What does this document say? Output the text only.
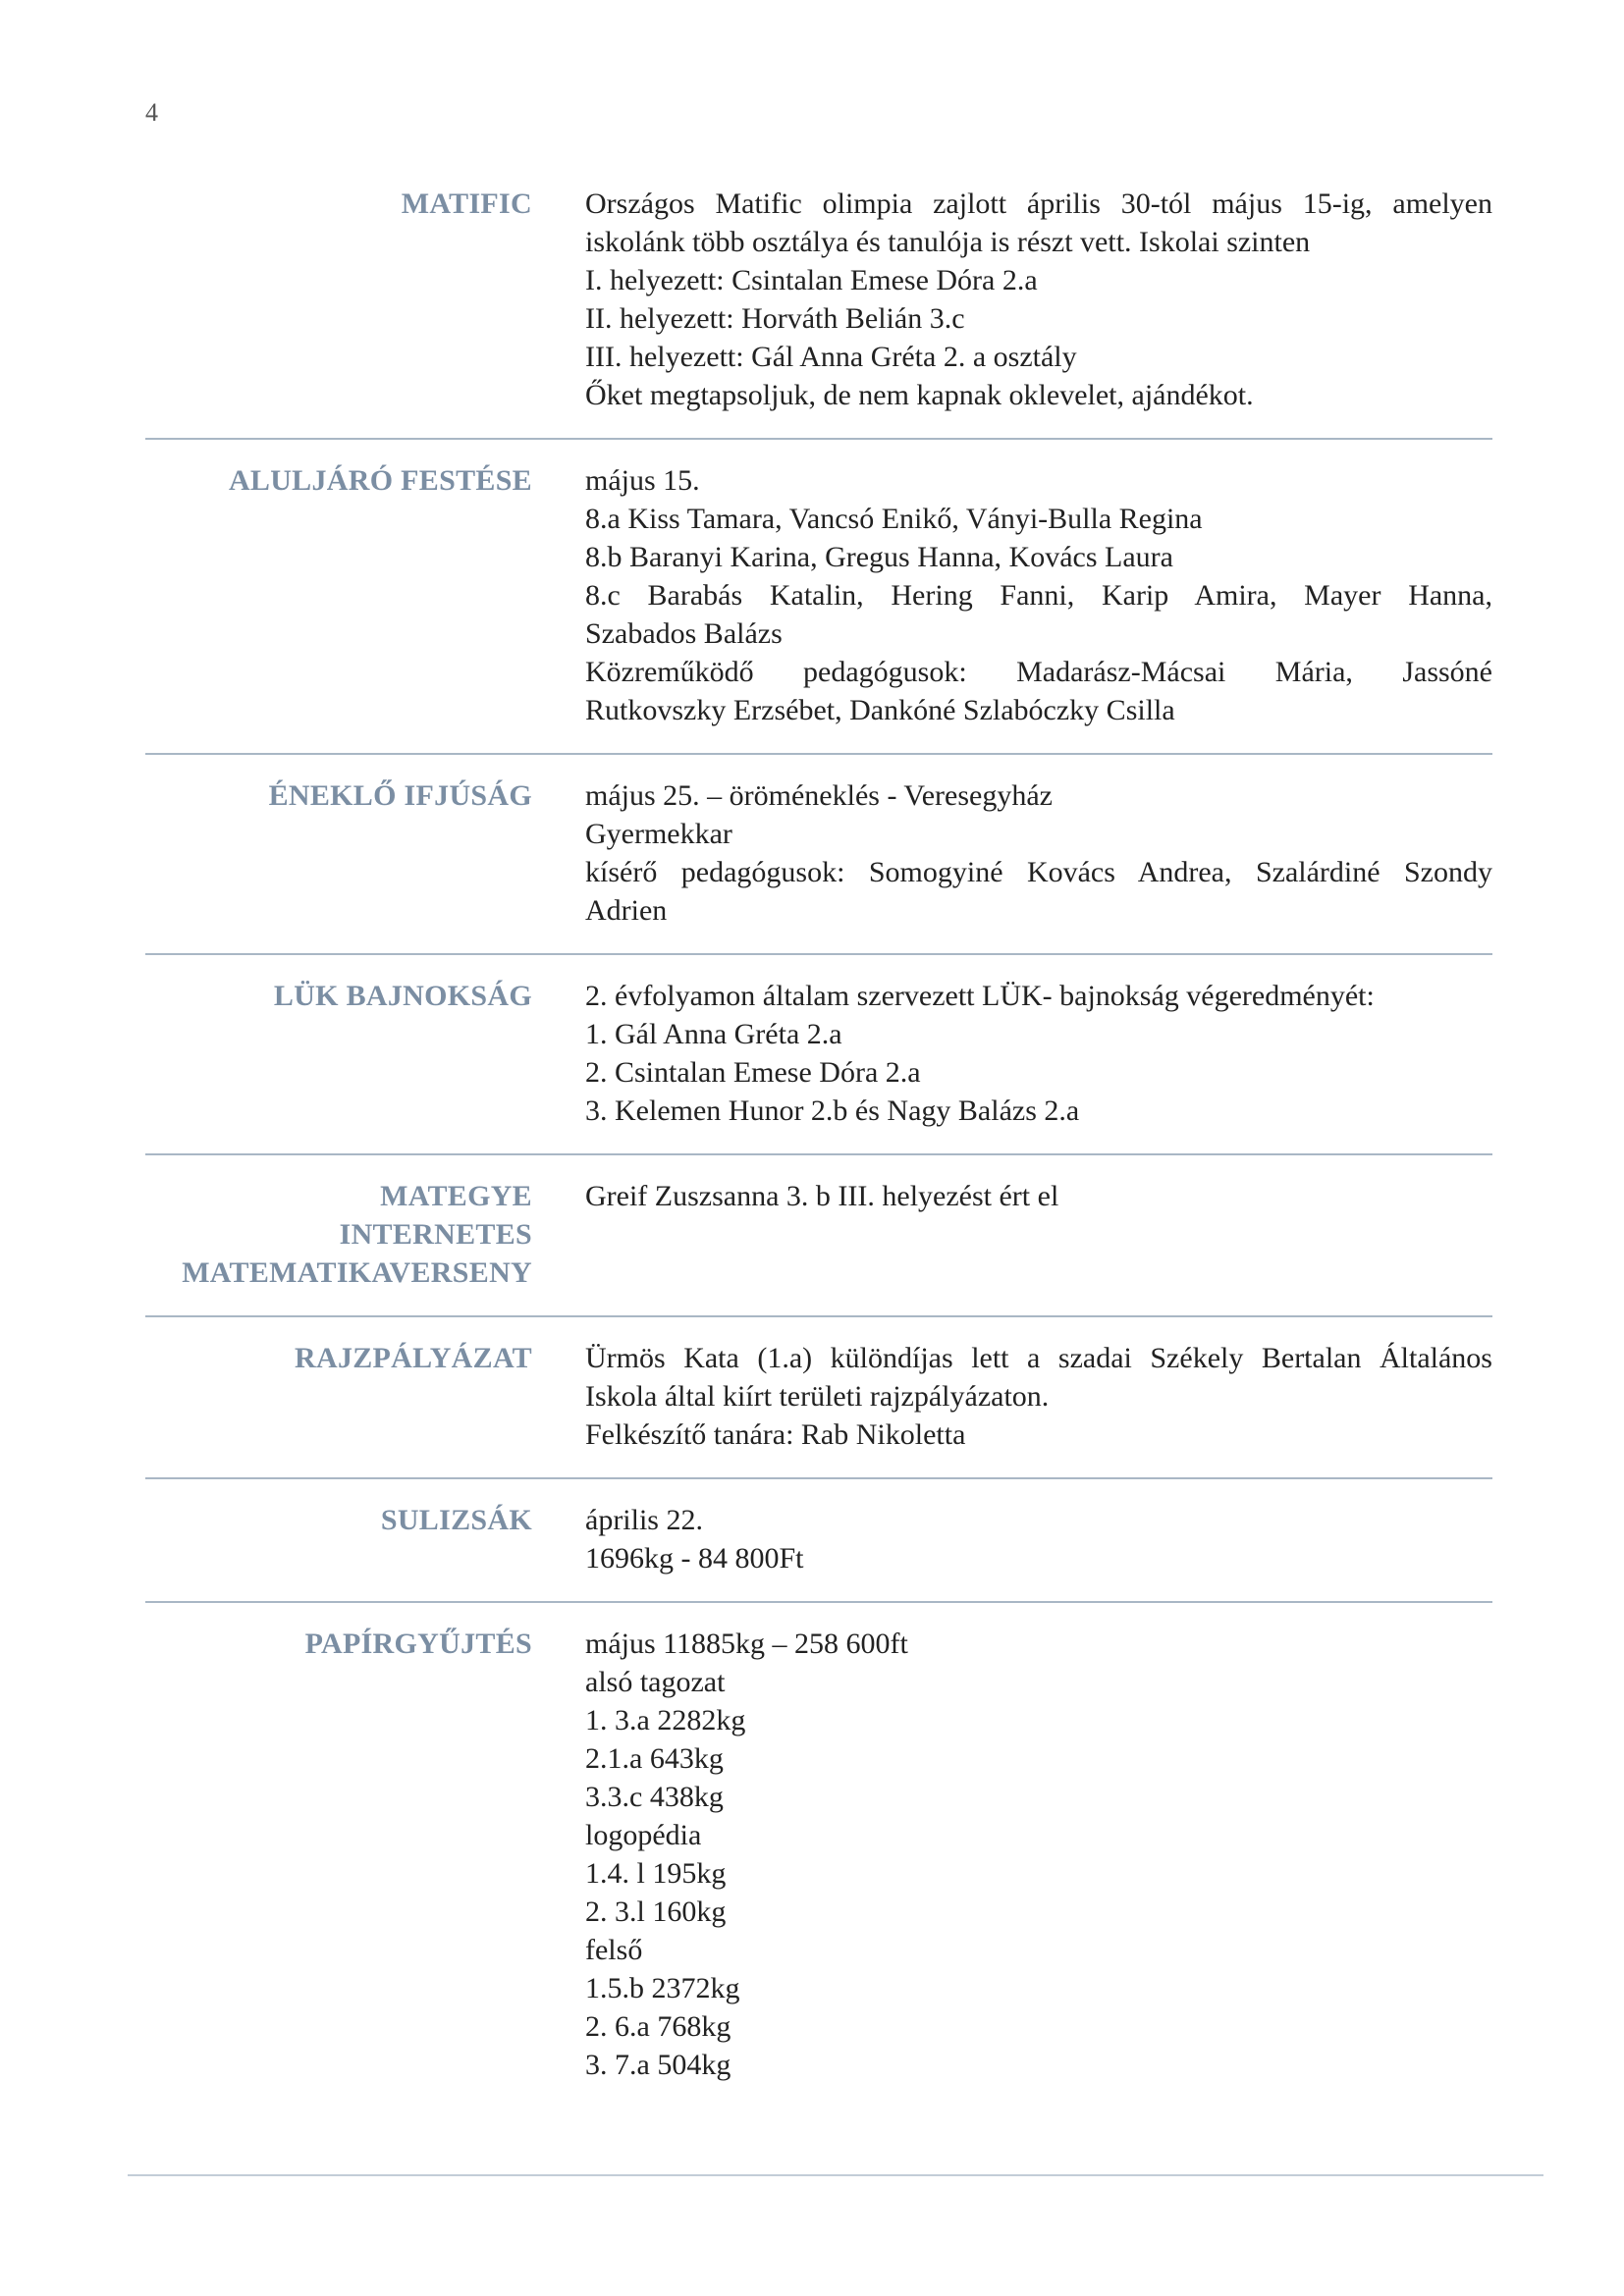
4
MATIFIC Országos Matific olimpia zajlott április 30-tól május 15-ig, amelyen
iskolánk több osztálya és tanulója is részt vett. Iskolai szinten
I. helyezett: Csintalan Emese Dóra 2.a
II. helyezett: Horváth Belián 3.c
III. helyezett: Gál Anna Gréta 2. a osztály
Őket megtapsoljuk, de nem kapnak oklevelet, ajándékot.
ALULJÁRÓ FESTÉSE május 15.
8.a Kiss Tamara, Vancsó Enikő, Ványi-Bulla Regina
8.b Baranyi Karina, Gregus Hanna, Kovács Laura
8.c Barabás Katalin, Hering Fanni, Karip Amira, Mayer Hanna,
Szabados Balázs
Közreműködő pedagógusok: Madarász-Mácsai Mária, Jassóné
Rutkovszky Erzsébet, Dankóné Szlabóczky Csilla
ÉNEKLŐ IFJÚSÁG május 25. – öröméneklés - Veresegyház
Gyermekkar
kísérő pedagógusok: Somogyiné Kovács Andrea, Szalárdiné Szondy
Adrien
LÜK BAJNOKSÁG 2. évfolyamon általam szervezett LÜK- bajnokság végeredményét:
1. Gál Anna Gréta 2.a
2. Csintalan Emese Dóra 2.a
3. Kelemen Hunor 2.b és Nagy Balázs 2.a
MATEGYE
INTERNETES
MATEMATIKAVERSENY
Greif Zuszsanna 3. b III. helyezést ért el
RAJZPÁLYÁZAT Ürmös Kata (1.a) különdíjas lett a szadai Székely Bertalan Általános
Iskola által kiírt területi rajzpályázaton.
Felkészítő tanára: Rab Nikoletta
SULIZSÁK április 22.
1696kg - 84 800Ft
PAPÍRGYŰJTÉS május 11885kg – 258 600ft
alsó tagozat
1. 3.a 2282kg
2.1.a 643kg
3.3.c 438kg
logopédia
1.4. l 195kg
2. 3.l 160kg
felső
1.5.b 2372kg
2. 6.a 768kg
3. 7.a 504kg
